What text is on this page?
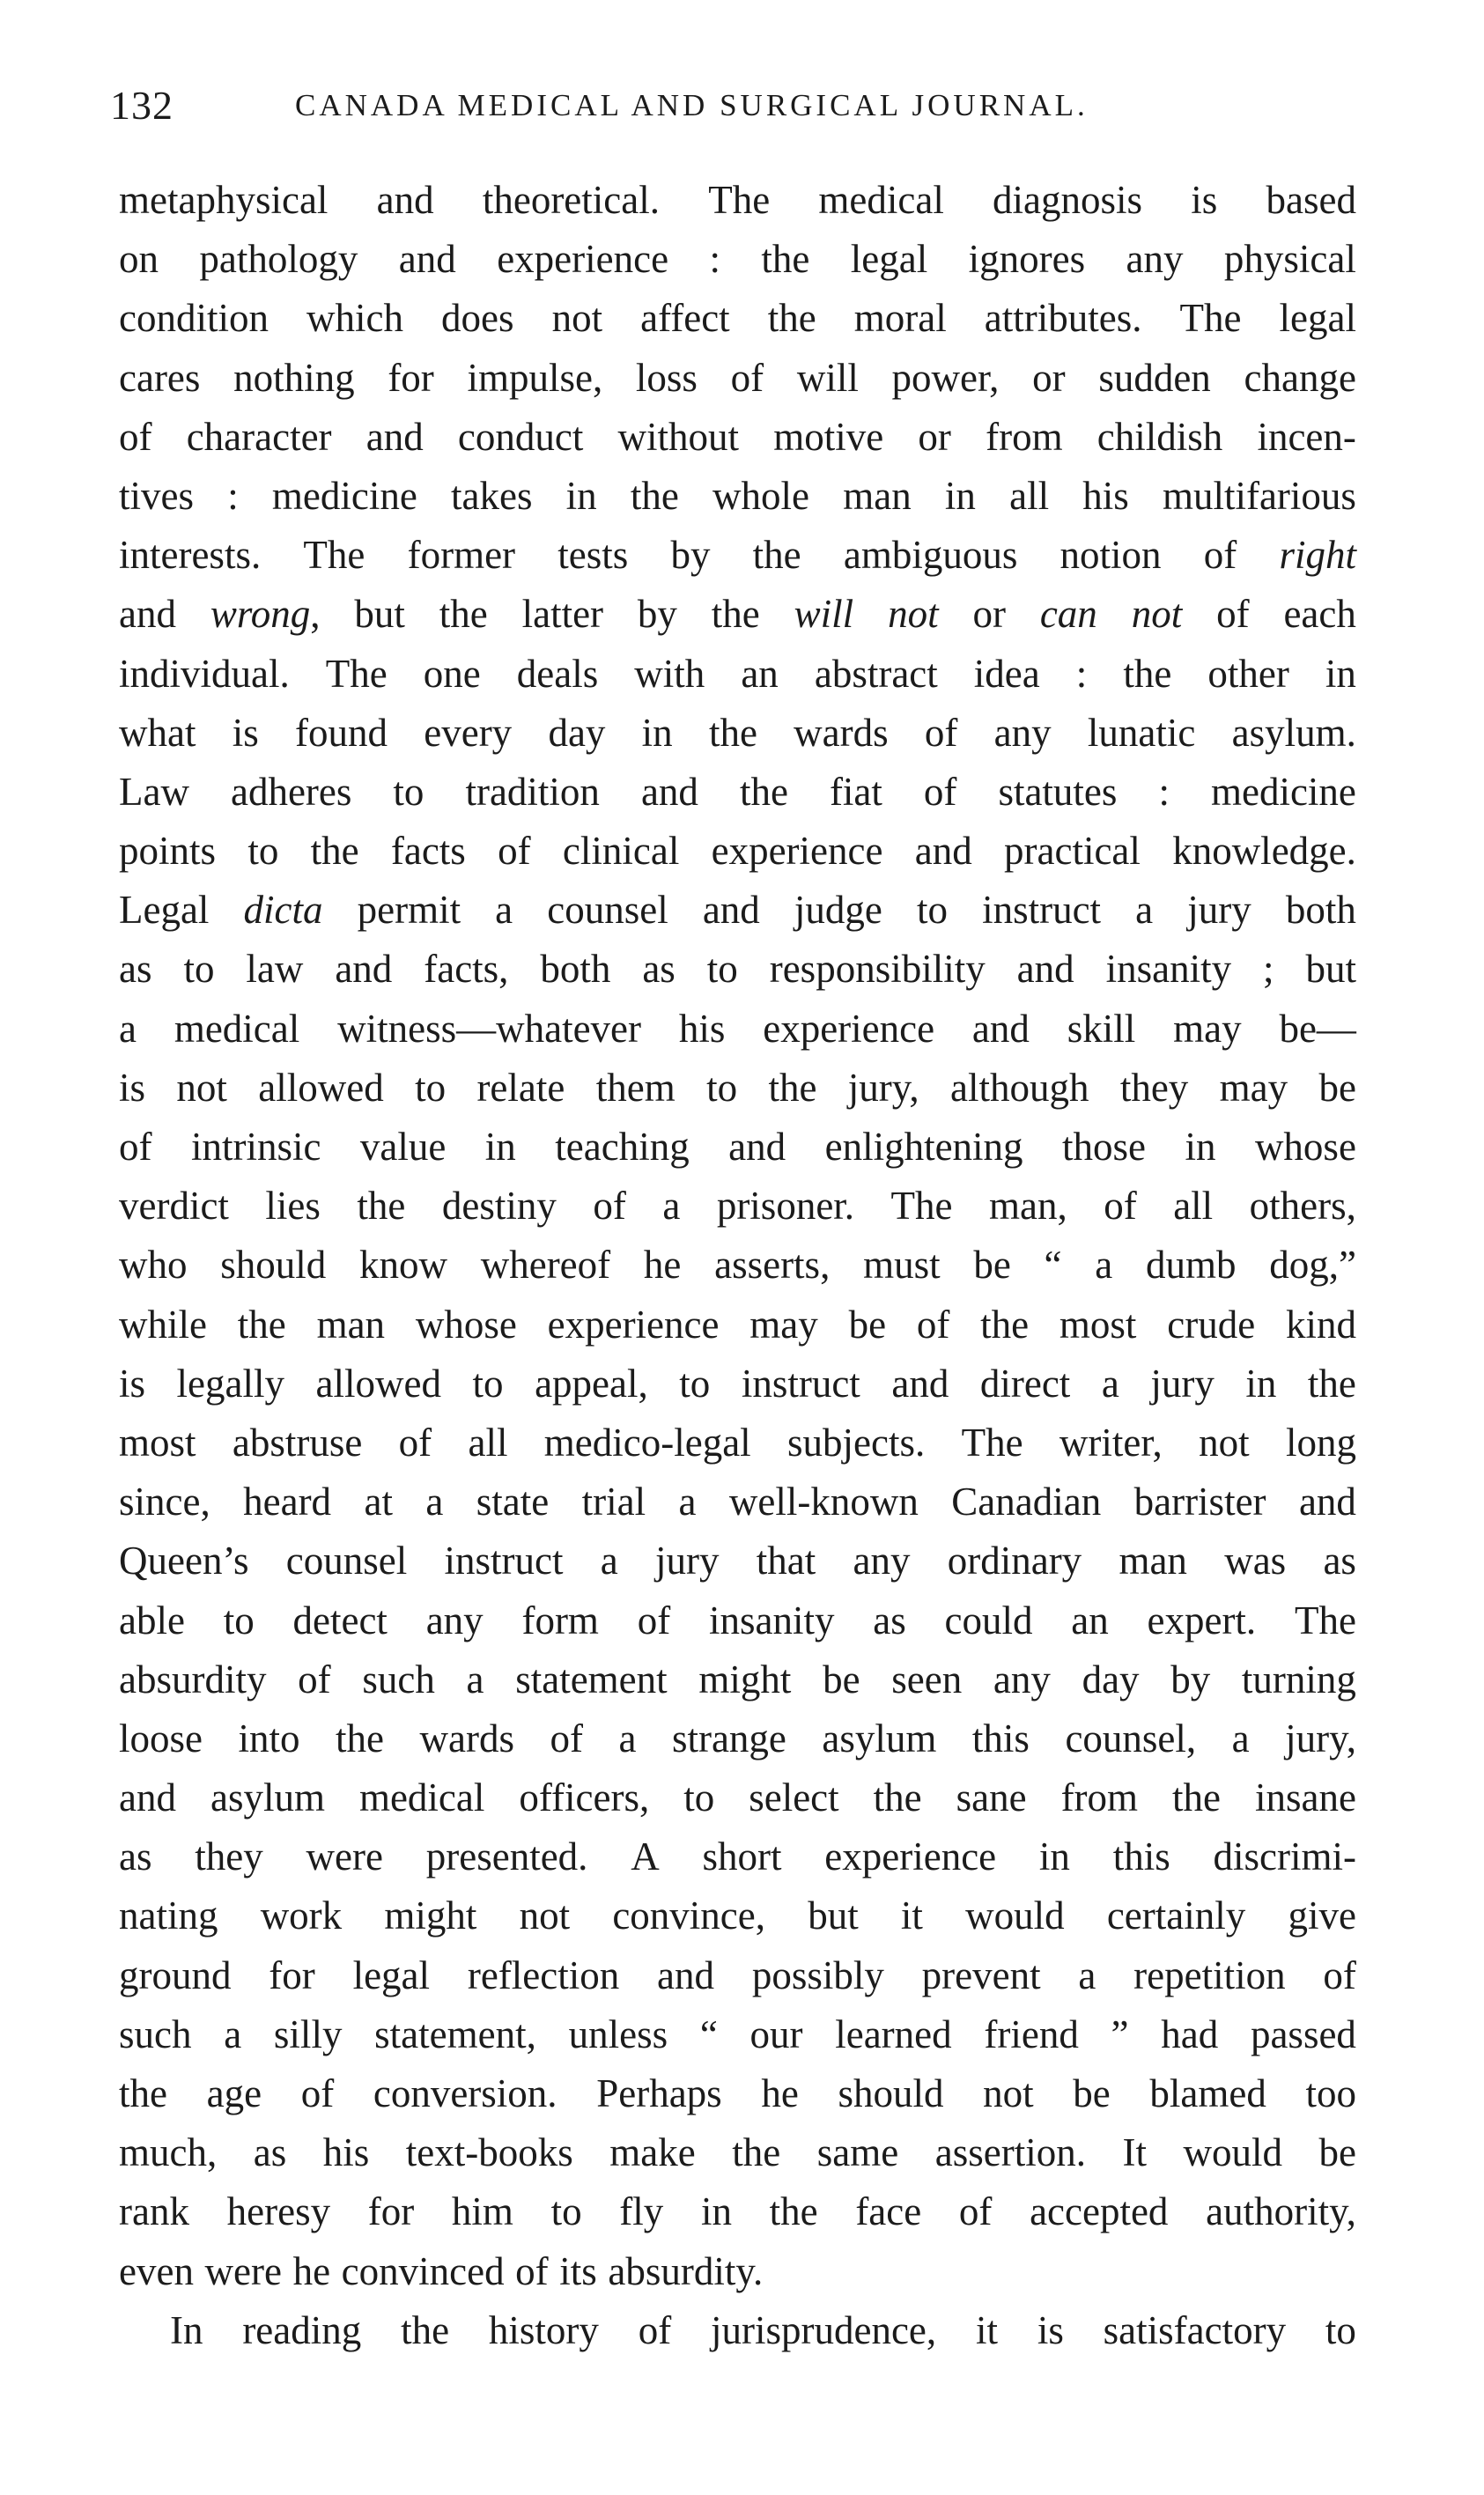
132	CANADA MEDICAL AND SURGICAL JOURNAL.
metaphysical and theoretical. The medical diagnosis is based
on pathology and experience : the legal ignores any physical
condition which does not affect the moral attributes. The legal
cares nothing for impulse, loss of will power, or sudden change
of character and conduct without motive or from childish incen-
tives : medicine takes in the whole man in all his multifarious
interests. The former tests by the ambiguous notion of right
and wrong, but the latter by the will not or can not of each
individual. The one deals with an abstract idea : the other in
what is found every day in the wards of any lunatic asylum.
Law adheres to tradition and the fiat of statutes : medicine
points to the facts of clinical experience and practical knowledge.
Legal dicta permit a counsel and judge to instruct a jury both
as to law and facts, both as to responsibility and insanity ; but
a medical witness—whatever his experience and skill may be—
is not allowed to relate them to the jury, although they may be
of intrinsic value in teaching and enlightening those in whose
verdict lies the destiny of a prisoner. The man, of all others,
who should know whereof he asserts, must be “ a dumb dog,”
while the man whose experience may be of the most crude kind
is legally allowed to appeal, to instruct and direct a jury in the
most abstruse of all medico-legal subjects. The writer, not long
since, heard at a state trial a well-known Canadian barrister and
Queen’s counsel instruct a jury that any ordinary man was as
able to detect any form of insanity as could an expert. The
absurdity of such a statement might be seen any day by turning
loose into the wards of a strange asylum this counsel, a jury,
and asylum medical officers, to select the sane from the insane
as they were presented. A short experience in this discrimi-
nating work might not convince, but it would certainly give
ground for legal reflection and possibly prevent a repetition of
such a silly statement, unless “ our learned friend ” had passed
the age of conversion. Perhaps he should not be blamed too
much, as his text-books make the same assertion. It would be
rank heresy for him to fly in the face of accepted authority,
even were he convinced of its absurdity.
In reading the history of jurisprudence, it is satisfactory to
